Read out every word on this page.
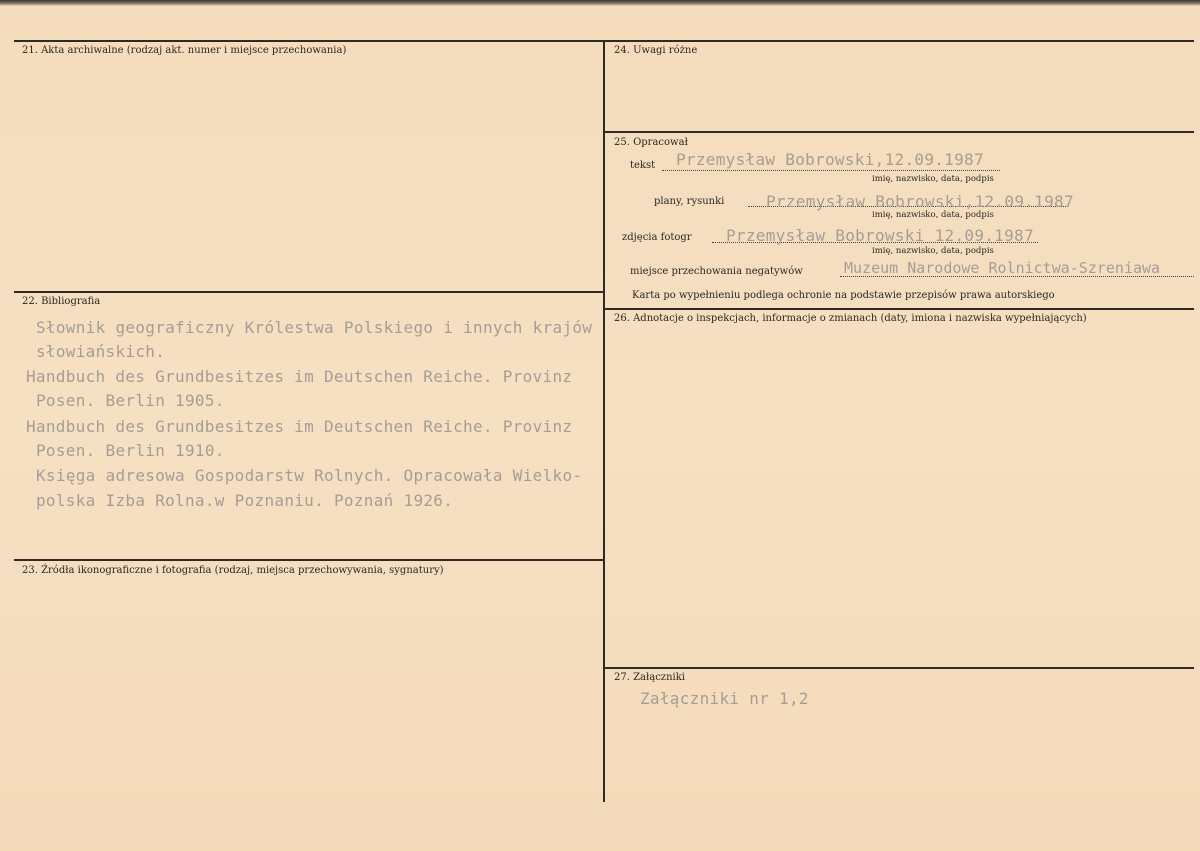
21. Akta archiwalne (rodzaj akt. numer i miejsce przechowania)
22. Bibliografia
Słownik geograficzny Królestwa Polskiego i innych krajów
słowiańskich.
Handbuch des Grundbesitzes im Deutschen Reiche. Provinz
Posen. Berlin 1905.
Handbuch des Grundbesitzes im Deutschen Reiche. Provinz
Posen. Berlin 1910.
Księga adresowa Gospodarstw Rolnych. Opracowała Wielko-
polska Izba Rolna.w Poznaniu. Poznań 1926.
23. Źródła ikonograficzne i fotografia (rodzaj, miejsca przechowywania, sygnatury)
24. Uwagi różne
25. Opracował
tekst Przemysław Bobrowski,12.09.1987
imię, nazwisko, data, podpis
plany, rysunki	Przemysław Bobrowski,12.09.1987
imię, nazwisko, data, podpis
zdjęcia fotogr Przemysław Bobrowski 12.09.1987
imię, nazwisko, data, podpis
miejsce przechowania negatywów	Muzeum Narodowe Rolnictwa-Szreniawa
Karta po wypełnieniu podlega ochronie na podstawie przepisów prawa autorskiego
26. Adnotacje o inspekcjach, informacje o zmianach (daty, imiona i nazwiska wypełniających)
27. Załączniki
Załączniki nr 1,2
